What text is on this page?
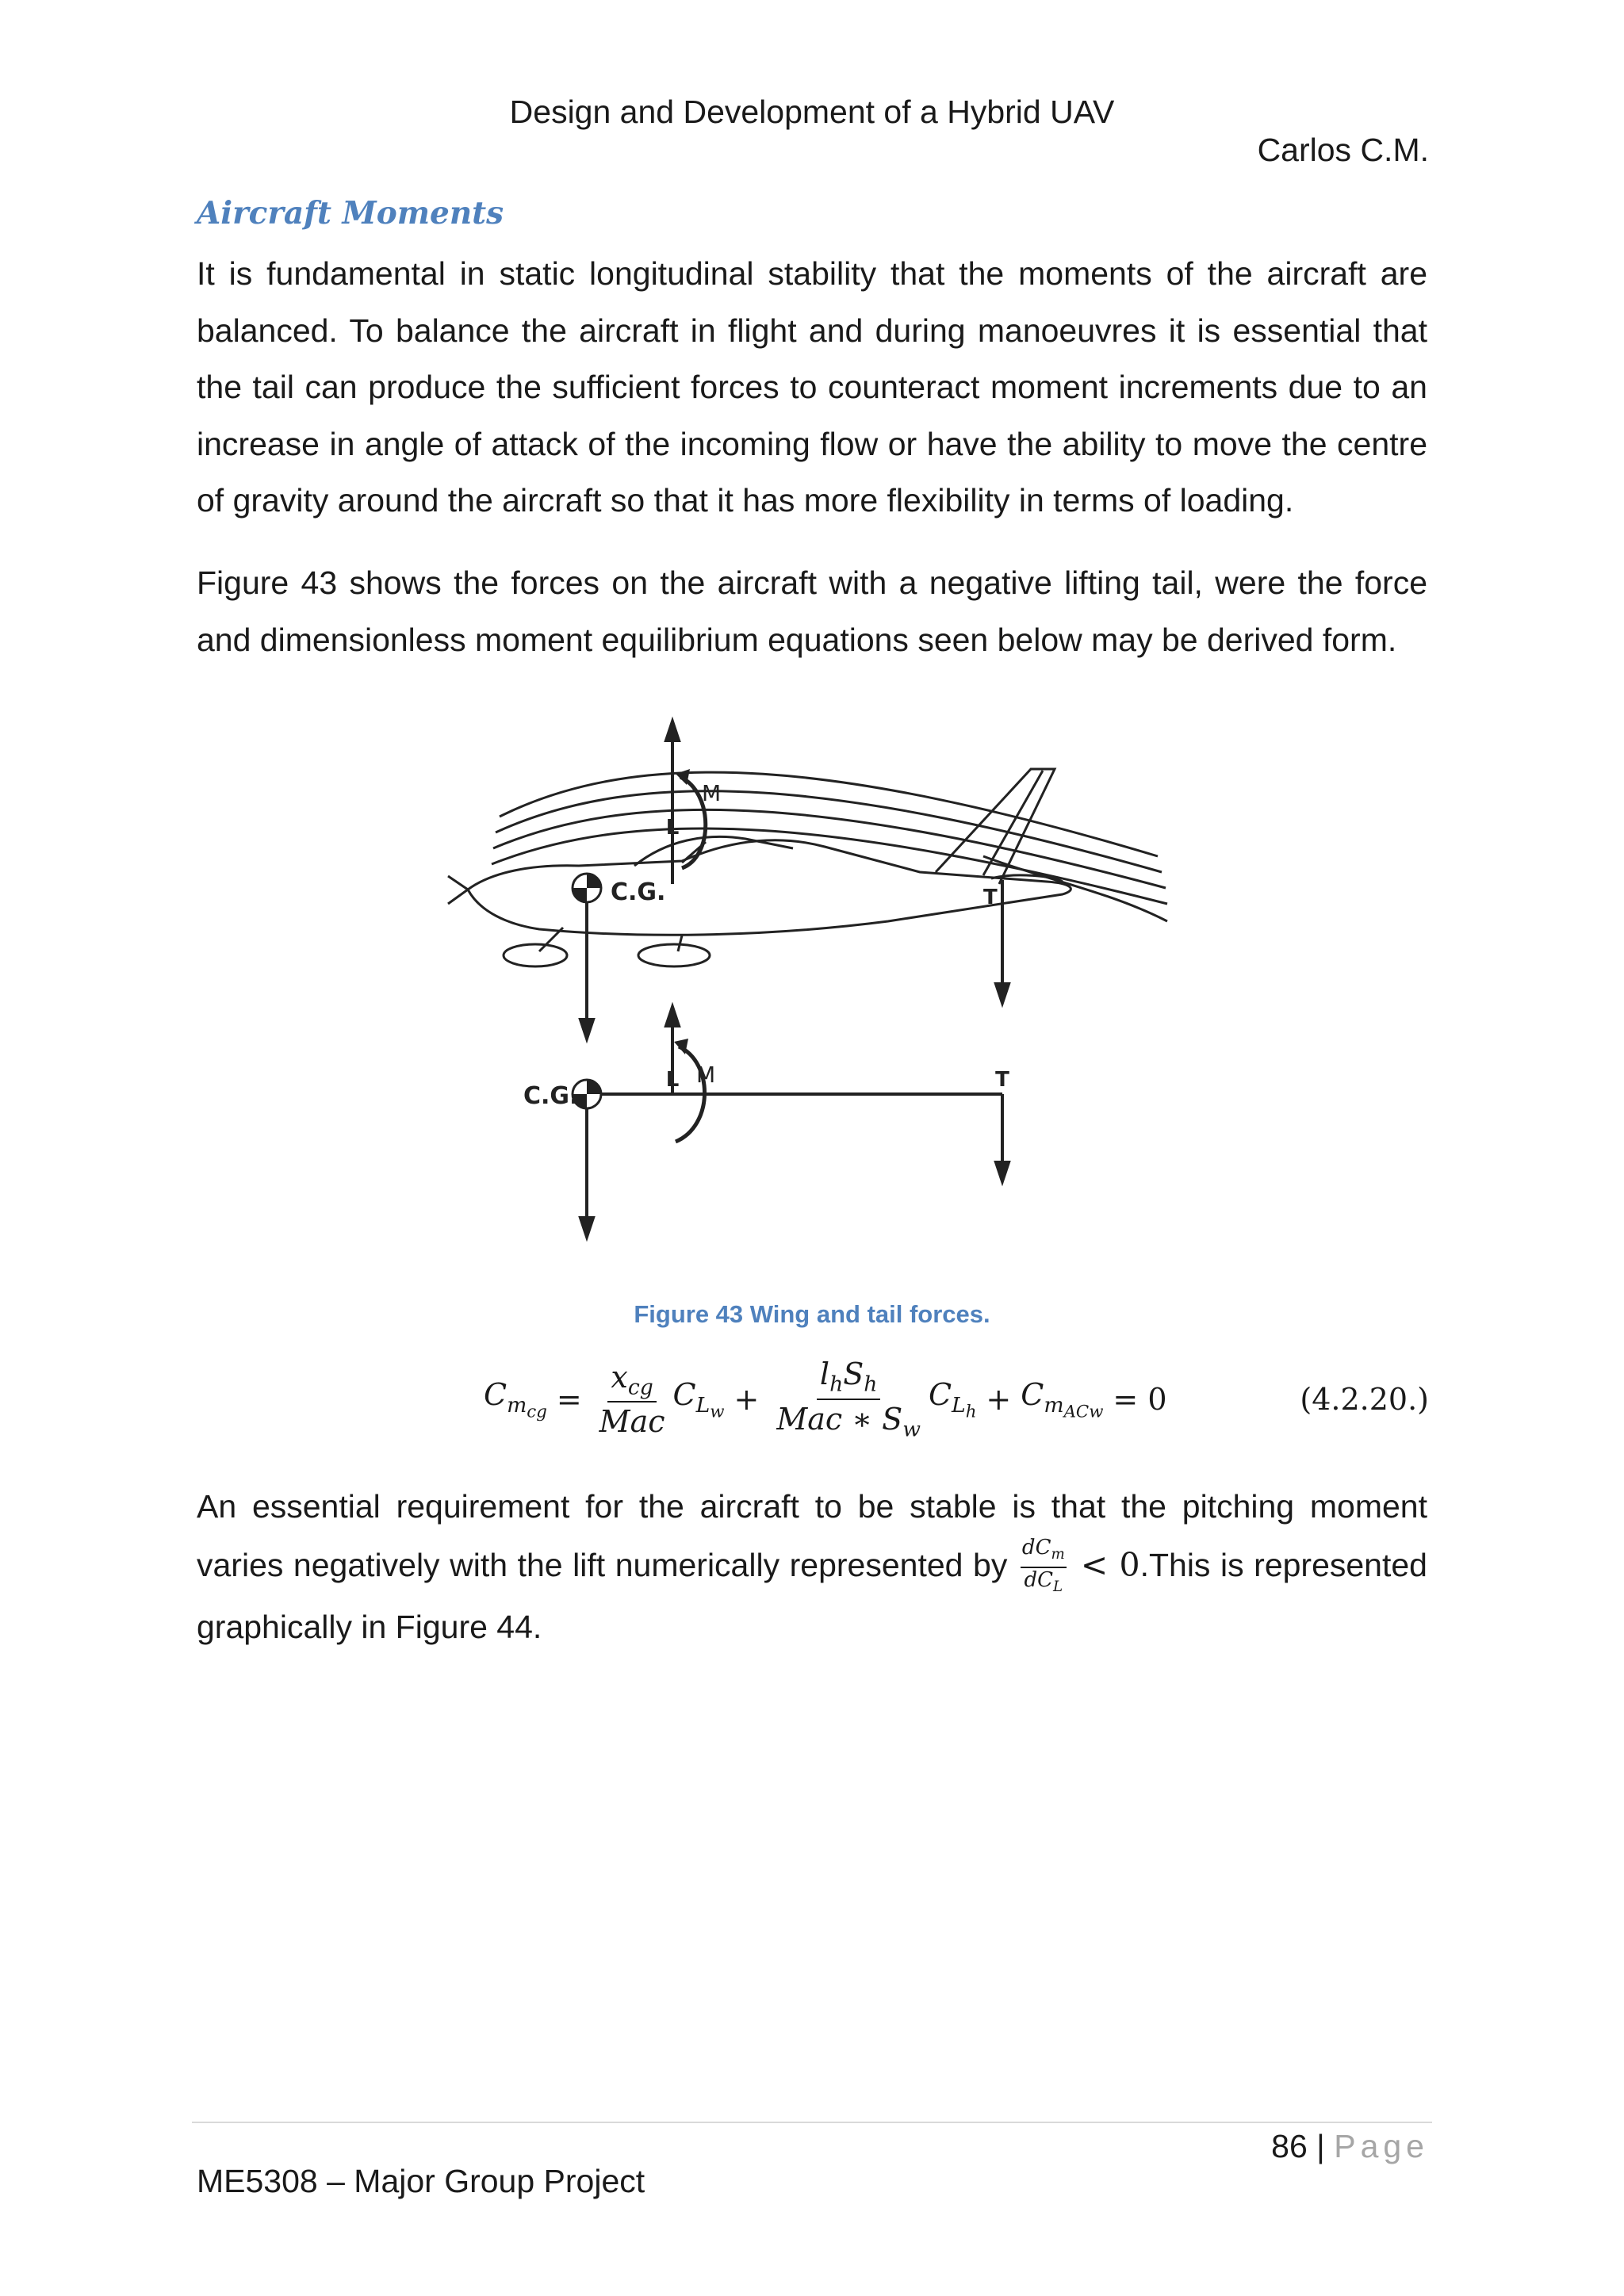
Design and Development of a Hybrid UAV
Carlos C.M.
Aircraft Moments

It is fundamental in static longitudinal stability that the moments of the aircraft are balanced. To balance the aircraft in flight and during manoeuvres it is essential that the tail can produce the sufficient forces to counteract moment increments due to an increase in angle of attack of the incoming flow or have the ability to move the centre of gravity around the aircraft so that it has more flexibility in terms of loading.

Figure 43 shows the forces on the aircraft with a negative lifting tail, were the force and dimensionless moment equilibrium equations seen below may be derived form.

C.G.
L
M
T
C.G.
L M	T
Figure 43 Wing and tail forces.
$C_{m_{cg}} = \frac{x_{cg}}{\text{Mac}} C_{L_w} + \frac{l_hS_h}{Mac ∗ S_w} C_{L_h} + C_{m_{ACw}} = 0$	(4.2.20.)

An essential requirement for the aircraft to be stable is that the pitching moment varies negatively with the lift numerically represented by $\frac{dC_m}{dC_L}$ < 0.This is represented graphically in Figure 44.

86 | Page
ME5308 – Major Group Project
